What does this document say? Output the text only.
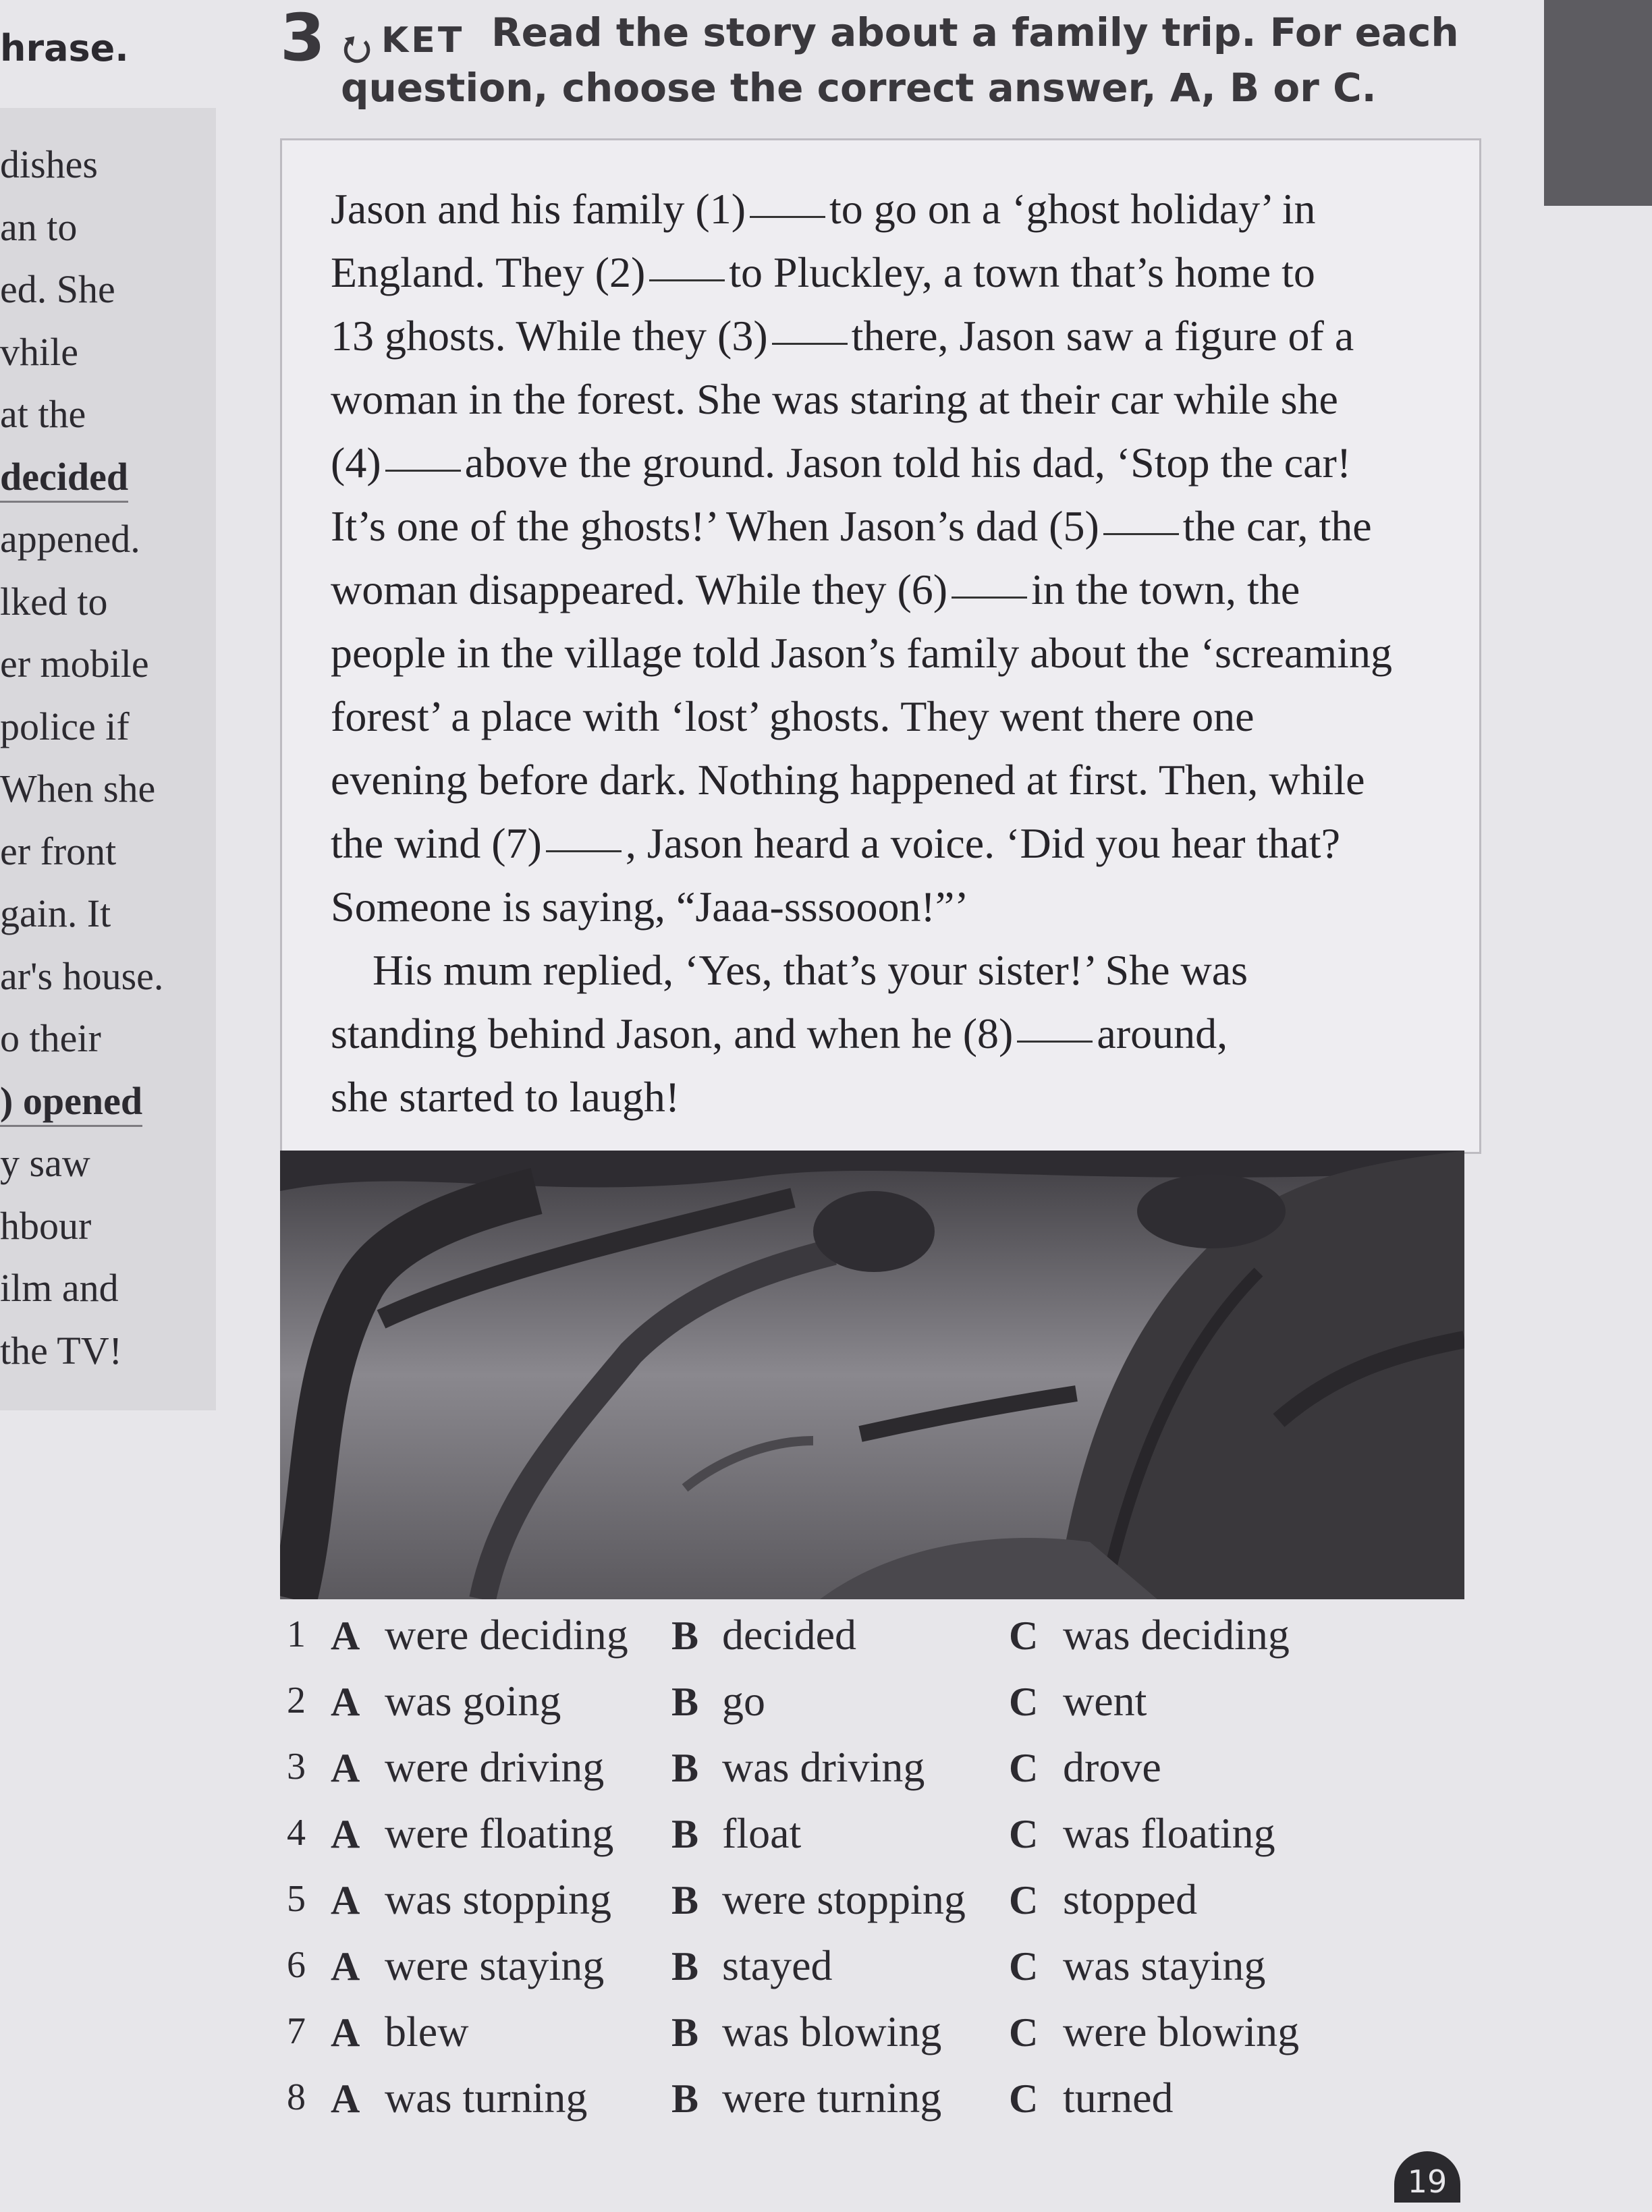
hrase.
dishes
an to
ed. She
vhile
at the
decided
appened.
lked to
er mobile
police if
When she
er front
gain. It
ar's house.
o their
) opened
y saw
hbour
ilm and
the TV!
3 ⭮ KET Read the story about a family trip. For each
question, choose the correct answer, A, B or C.
Jason and his family (1) to go on a ‘ghost holiday’ in
England. They (2) to Pluckley, a town that’s home to
13 ghosts. While they (3) there, Jason saw a figure of a
woman in the forest. She was staring at their car while she
(4) above the ground. Jason told his dad, ‘Stop the car!
It’s one of the ghosts!’ When Jason’s dad (5) the car, the
woman disappeared. While they (6) in the town, the
people in the village told Jason’s family about the ‘screaming
forest’ a place with ‘lost’ ghosts. They went there one
evening before dark. Nothing happened at first. Then, while
the wind (7) , Jason heard a voice. ‘Did you hear that?
Someone is saying, “Jaaa-sssooon!”’
His mum replied, ‘Yes, that’s your sister!’ She was
standing behind Jason, and when he (8) around,
she started to laugh!
1 A were deciding B decided	C was deciding
2 A was going	B go	C went
3 A were driving B was driving C drove
4 A were floating B float	C was floating
5 A was stopping B were stopping C stopped
6 A were staying B stayed	C was staying
7 A blew	B was blowing C were blowing
8 A was turning B were turning C turned
19
